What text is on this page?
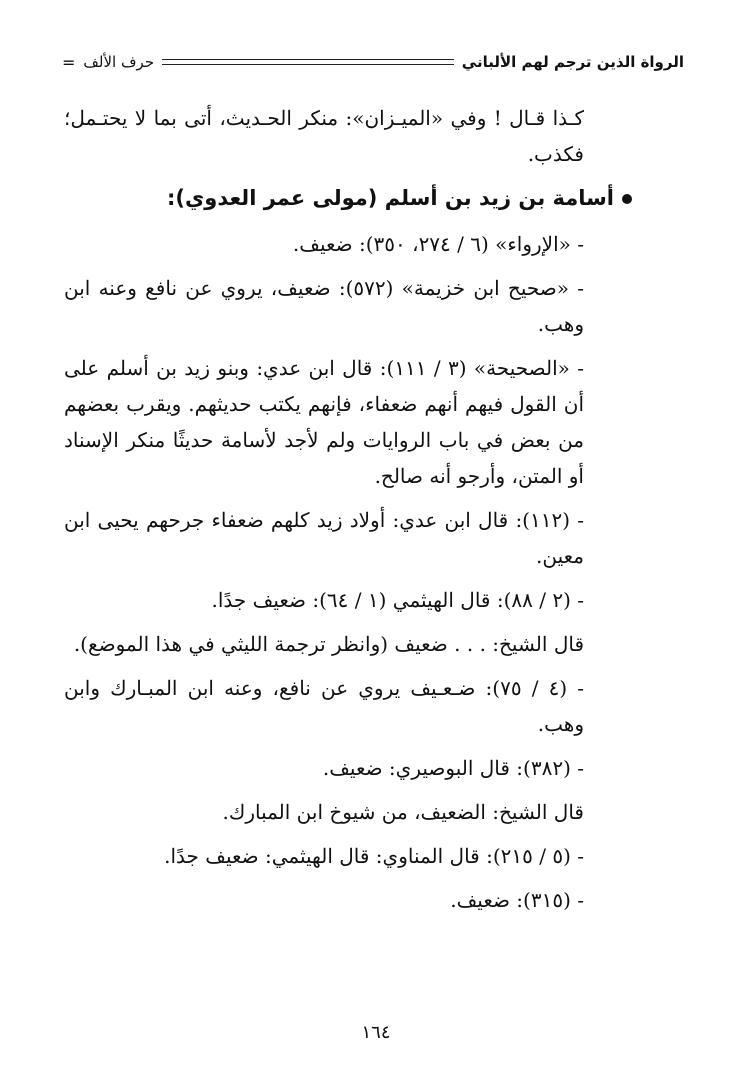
الرواة الذين ترجم لهم الألباني
حرف الألف
=

كـذا قـال ! وفي «الميـزان»: منكر الحـديث، أتى بما لا يحتـمل؛ فكذب.

أسامة بن زيد بن أسلم (مولى عمر العدوي):

- «الإرواء» (٦ / ٢٧٤، ٣٥٠): ضعيف.

- «صحيح ابن خزيمة» (٥٧٢): ضعيف، يروي عن نافع وعنه ابن وهب.

- «الصحيحة» (٣ / ١١١): قال ابن عدي: وبنو زيد بن أسلم على أن القول فيهم أنهم ضعفاء، فإنهم يكتب حديثهم. ويقرب بعضهم من بعض في باب الروايات ولم لأجد لأسامة حديثًا منكر الإسناد أو المتن، وأرجو أنه صالح.

- (١١٢): قال ابن عدي: أولاد زيد كلهم ضعفاء جرحهم يحيى ابن معين.

- (٢ / ٨٨): قال الهيثمي (١ / ٦٤): ضعيف جدًا.

قال الشيخ: . . . ضعيف (وانظر ترجمة الليثي في هذا الموضع).

- (٤ / ٧٥): ضـعـيف يروي عن نافع، وعنه ابن المبـارك وابن وهب.

- (٣٨٢): قال البوصيري: ضعيف.

قال الشيخ: الضعيف، من شيوخ ابن المبارك.

- (٥ / ٢١٥): قال المناوي: قال الهيثمي: ضعيف جدًا.

- (٣١٥): ضعيف.

١٦٤
